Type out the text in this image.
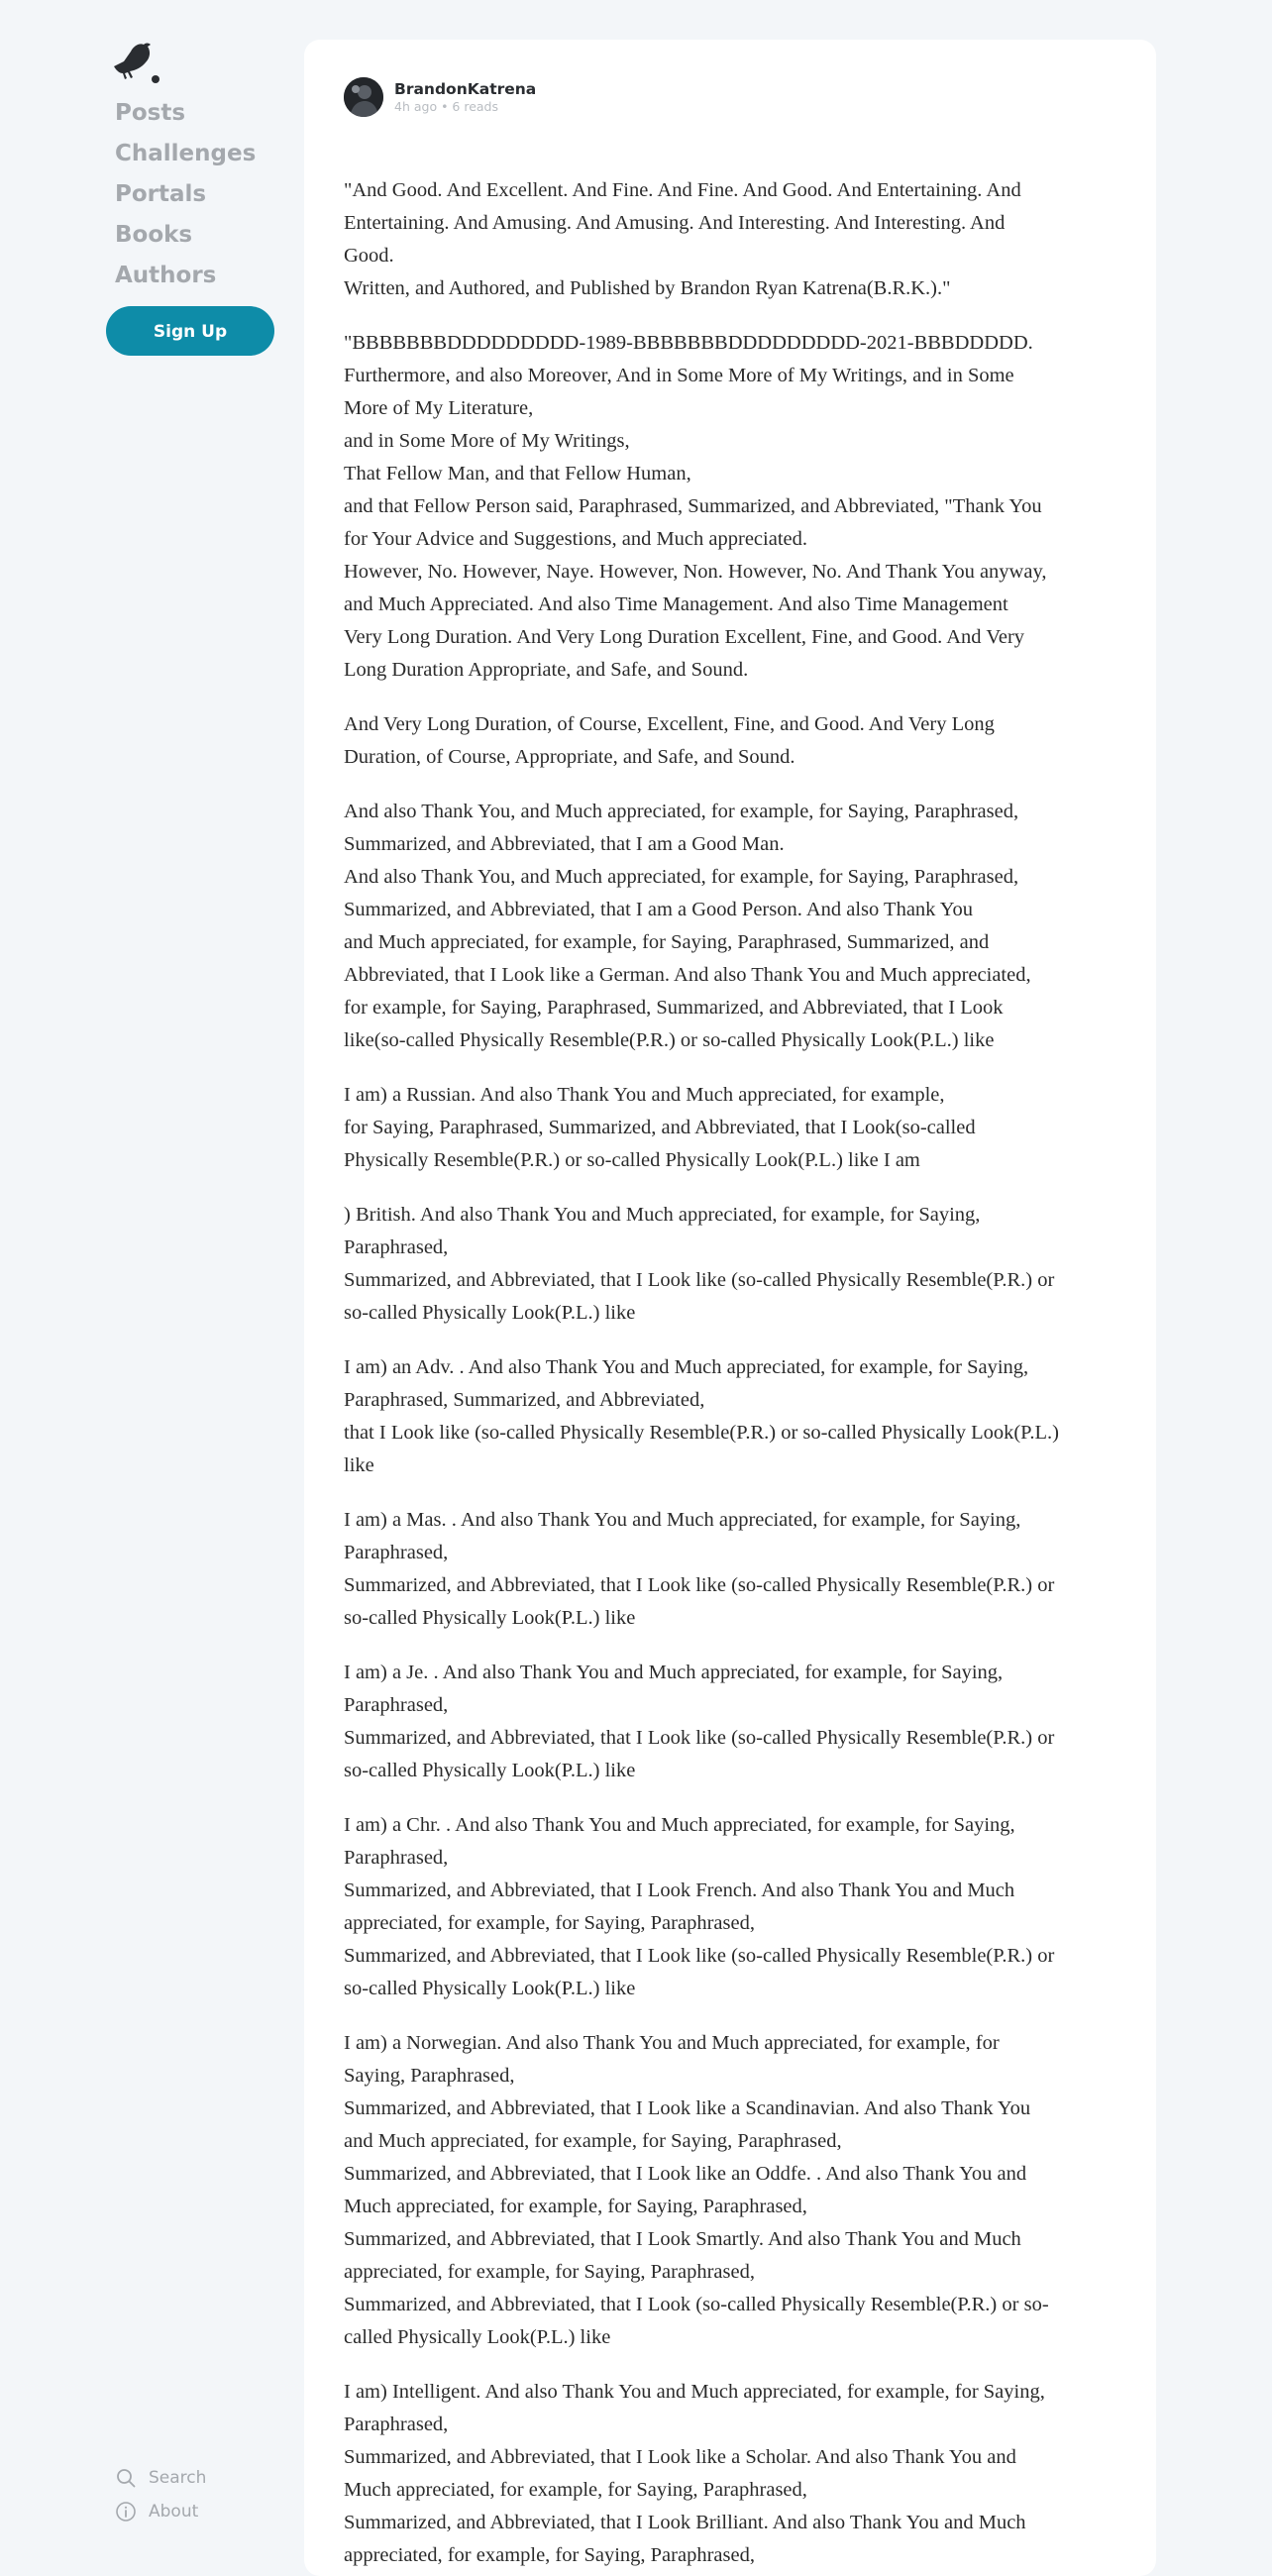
Posts
Challenges
Portals
Books
Authors
Sign Up
Search
About
BrandonKatrena
4h ago • 6 reads
"And Good. And Excellent. And Fine. And Fine. And Good. And Entertaining. And
Entertaining. And Amusing. And Amusing. And Interesting. And Interesting. And
Good.
Written, and Authored, and Published by Brandon Ryan Katrena(B.R.K.)."
"BBBBBBBDDDDDDDDD-1989-BBBBBBBDDDDDDDDD-2021-BBBDDDDD.
Furthermore, and also Moreover, And in Some More of My Writings, and in Some
More of My Literature,
and in Some More of My Writings,
That Fellow Man, and that Fellow Human,
and that Fellow Person said, Paraphrased, Summarized, and Abbreviated, "Thank You
for Your Advice and Suggestions, and Much appreciated.
However, No. However, Naye. However, Non. However, No. And Thank You anyway,
and Much Appreciated. And also Time Management. And also Time Management
Very Long Duration. And Very Long Duration Excellent, Fine, and Good. And Very
Long Duration Appropriate, and Safe, and Sound.
And Very Long Duration, of Course, Excellent, Fine, and Good. And Very Long
Duration, of Course, Appropriate, and Safe, and Sound.
And also Thank You, and Much appreciated, for example, for Saying, Paraphrased,
Summarized, and Abbreviated, that I am a Good Man.
And also Thank You, and Much appreciated, for example, for Saying, Paraphrased,
Summarized, and Abbreviated, that I am a Good Person. And also Thank You
and Much appreciated, for example, for Saying, Paraphrased, Summarized, and
Abbreviated, that I Look like a German. And also Thank You and Much appreciated,
for example, for Saying, Paraphrased, Summarized, and Abbreviated, that I Look
like(so-called Physically Resemble(P.R.) or so-called Physically Look(P.L.) like
I am) a Russian. And also Thank You and Much appreciated, for example,
for Saying, Paraphrased, Summarized, and Abbreviated, that I Look(so-called
Physically Resemble(P.R.) or so-called Physically Look(P.L.) like I am
) British. And also Thank You and Much appreciated, for example, for Saying,
Paraphrased,
Summarized, and Abbreviated, that I Look like (so-called Physically Resemble(P.R.) or
so-called Physically Look(P.L.) like
I am) an Adv. . And also Thank You and Much appreciated, for example, for Saying,
Paraphrased, Summarized, and Abbreviated,
that I Look like (so-called Physically Resemble(P.R.) or so-called Physically Look(P.L.)
like
I am) a Mas. . And also Thank You and Much appreciated, for example, for Saying,
Paraphrased,
Summarized, and Abbreviated, that I Look like (so-called Physically Resemble(P.R.) or
so-called Physically Look(P.L.) like
I am) a Je. . And also Thank You and Much appreciated, for example, for Saying,
Paraphrased,
Summarized, and Abbreviated, that I Look like (so-called Physically Resemble(P.R.) or
so-called Physically Look(P.L.) like
I am) a Chr. . And also Thank You and Much appreciated, for example, for Saying,
Paraphrased,
Summarized, and Abbreviated, that I Look French. And also Thank You and Much
appreciated, for example, for Saying, Paraphrased,
Summarized, and Abbreviated, that I Look like (so-called Physically Resemble(P.R.) or
so-called Physically Look(P.L.) like
I am) a Norwegian. And also Thank You and Much appreciated, for example, for
Saying, Paraphrased,
Summarized, and Abbreviated, that I Look like a Scandinavian. And also Thank You
and Much appreciated, for example, for Saying, Paraphrased,
Summarized, and Abbreviated, that I Look like an Oddfe. . And also Thank You and
Much appreciated, for example, for Saying, Paraphrased,
Summarized, and Abbreviated, that I Look Smartly. And also Thank You and Much
appreciated, for example, for Saying, Paraphrased,
Summarized, and Abbreviated, that I Look (so-called Physically Resemble(P.R.) or so-
called Physically Look(P.L.) like
I am) Intelligent. And also Thank You and Much appreciated, for example, for Saying,
Paraphrased,
Summarized, and Abbreviated, that I Look like a Scholar. And also Thank You and
Much appreciated, for example, for Saying, Paraphrased,
Summarized, and Abbreviated, that I Look Brilliant. And also Thank You and Much
appreciated, for example, for Saying, Paraphrased,
